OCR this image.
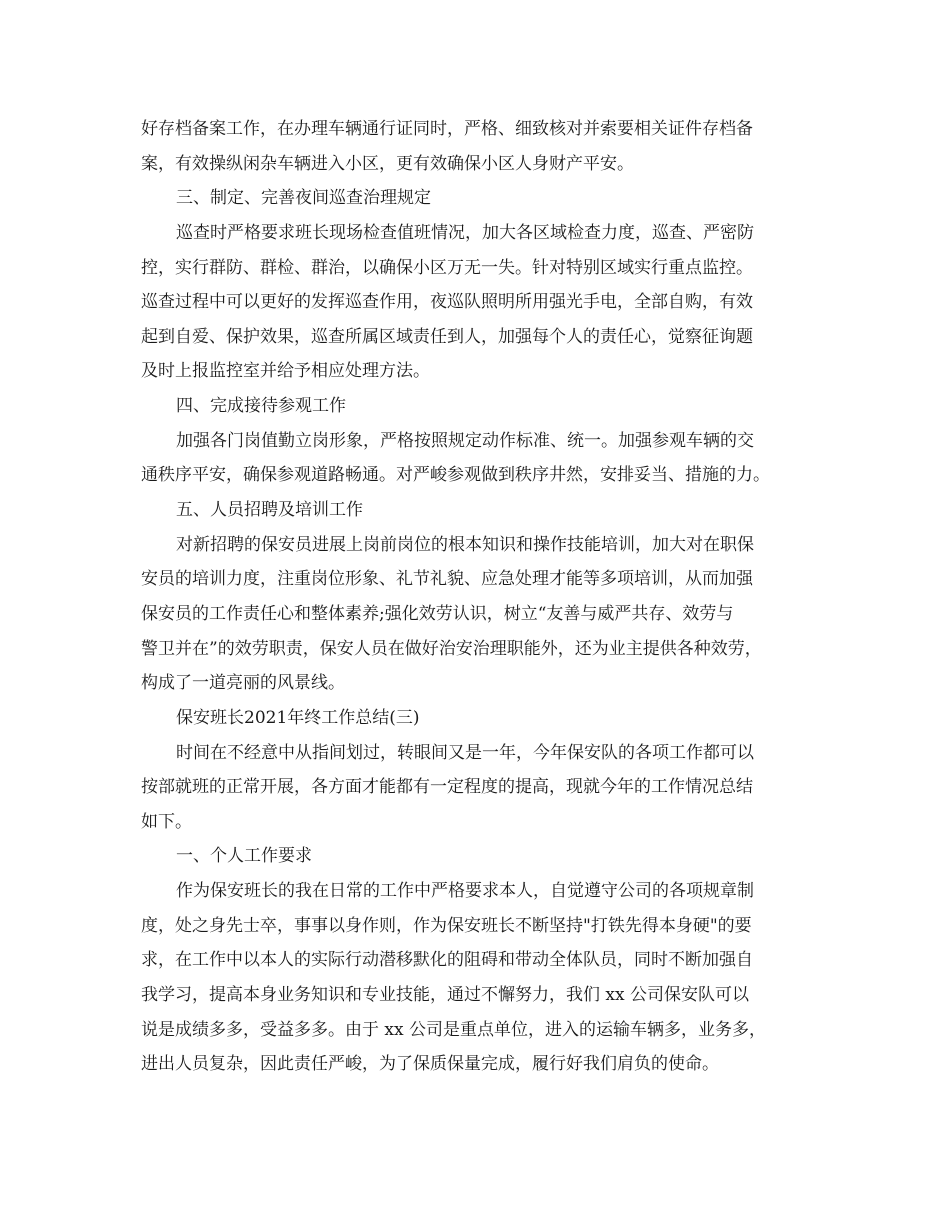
好存档备案工作，在办理车辆通行证同时，严格、细致核对并索要相关证件存档备
案，有效操纵闲杂车辆进入小区，更有效确保小区人身财产平安。
三、制定、完善夜间巡查治理规定
巡查时严格要求班长现场检查值班情况，加大各区域检查力度，巡查、严密防
控，实行群防、群检、群治，以确保小区万无一失。针对特别区域实行重点监控。
巡查过程中可以更好的发挥巡查作用，夜巡队照明所用强光手电，全部自购，有效
起到自爱、保护效果，巡查所属区域责任到人，加强每个人的责任心，觉察征询题
及时上报监控室并给予相应处理方法。
四、完成接待参观工作
加强各门岗值勤立岗形象，严格按照规定动作标准、统一。加强参观车辆的交
通秩序平安，确保参观道路畅通。对严峻参观做到秩序井然，安排妥当、措施的力。
五、人员招聘及培训工作
对新招聘的保安员进展上岗前岗位的根本知识和操作技能培训，加大对在职保
安员的培训力度，注重岗位形象、礼节礼貌、应急处理才能等多项培训，从而加强
保安员的工作责任心和整体素养;强化效劳认识，树立“友善与威严共存、效劳与
警卫并在”的效劳职责，保安人员在做好治安治理职能外，还为业主提供各种效劳，
构成了一道亮丽的风景线。
保安班长2021年终工作总结(三)
时间在不经意中从指间划过，转眼间又是一年，今年保安队的各项工作都可以
按部就班的正常开展，各方面才能都有一定程度的提高，现就今年的工作情况总结
如下。
一、个人工作要求
作为保安班长的我在日常的工作中严格要求本人，自觉遵守公司的各项规章制
度，处之身先士卒，事事以身作则，作为保安班长不断坚持"打铁先得本身硬"的要
求，在工作中以本人的实际行动潜移默化的阻碍和带动全体队员，同时不断加强自
我学习，提高本身业务知识和专业技能，通过不懈努力，我们 xx 公司保安队可以
说是成绩多多，受益多多。由于 xx 公司是重点单位，进入的运输车辆多，业务多，
进出人员复杂，因此责任严峻，为了保质保量完成，履行好我们肩负的使命。
